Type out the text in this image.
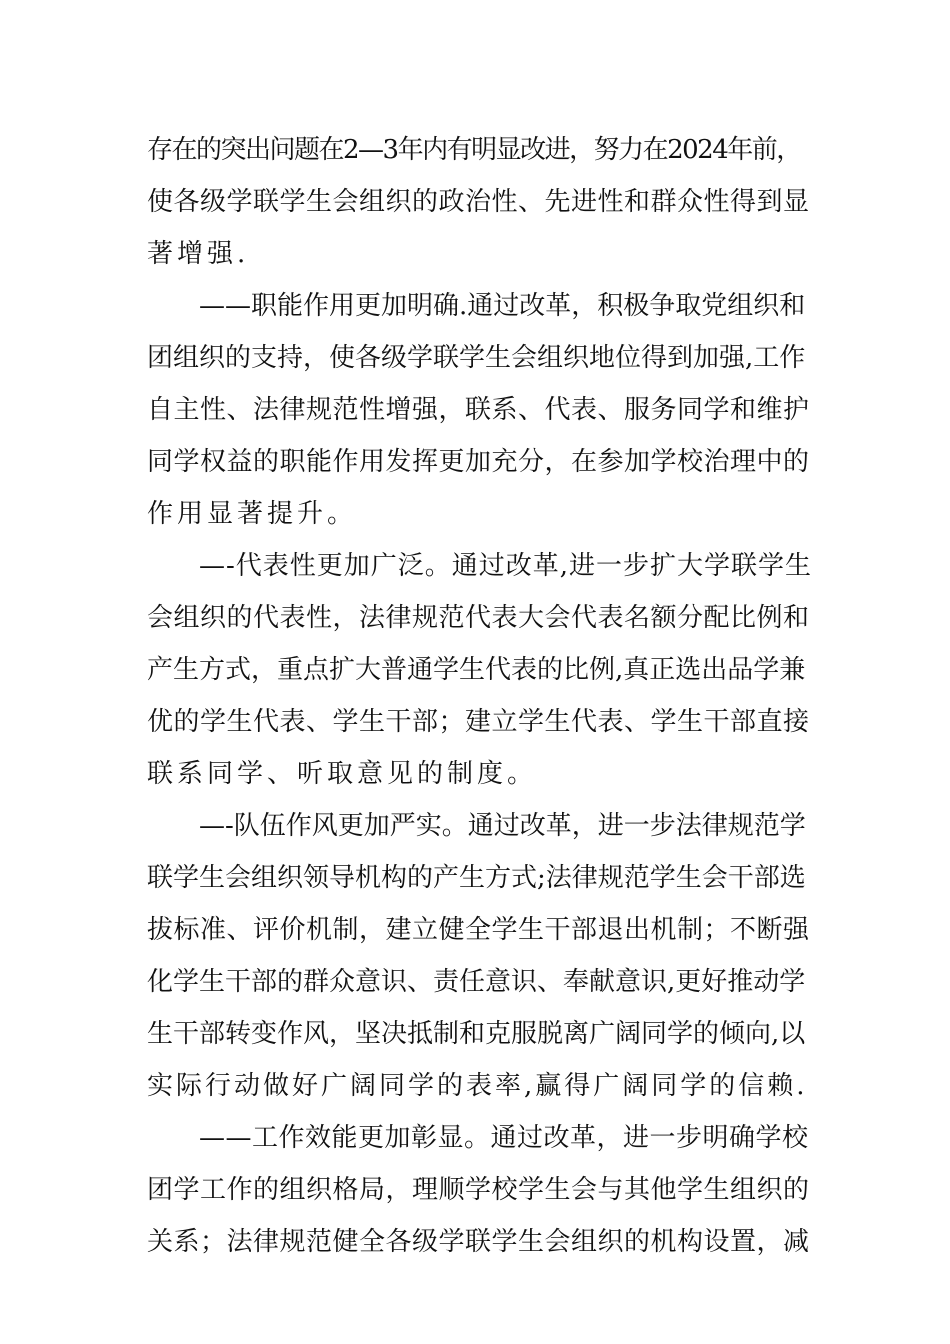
存在的突出问题在2—3年内有明显改进，努力在2024年前，
使各级学联学生会组织的政治性、先进性和群众性得到显
著增强.
——职能作用更加明确.通过改革，积极争取党组织和
团组织的支持，使各级学联学生会组织地位得到加强,工作
自主性、法律规范性增强，联系、代表、服务同学和维护
同学权益的职能作用发挥更加充分，在参加学校治理中的
作用显著提升。
—-代表性更加广泛。通过改革,进一步扩大学联学生
会组织的代表性，法律规范代表大会代表名额分配比例和
产生方式，重点扩大普通学生代表的比例,真正选出品学兼
优的学生代表、学生干部；建立学生代表、学生干部直接
联系同学、听取意见的制度。
—-队伍作风更加严实。通过改革，进一步法律规范学
联学生会组织领导机构的产生方式;法律规范学生会干部选
拔标准、评价机制，建立健全学生干部退出机制；不断强
化学生干部的群众意识、责任意识、奉献意识,更好推动学
生干部转变作风，坚决抵制和克服脱离广阔同学的倾向,以
实际行动做好广阔同学的表率,赢得广阔同学的信赖.
——工作效能更加彰显。通过改革，进一步明确学校
团学工作的组织格局，理顺学校学生会与其他学生组织的
关系；法律规范健全各级学联学生会组织的机构设置，减
